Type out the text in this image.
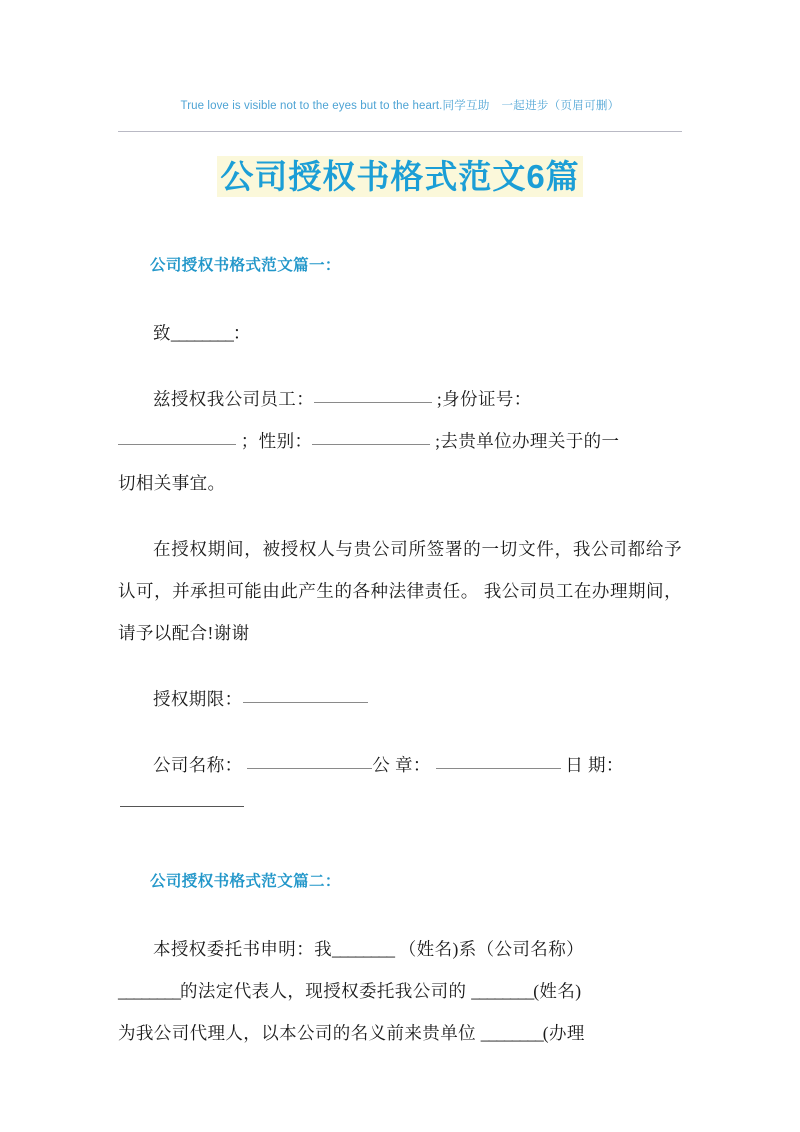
True love is visible not to the eyes but to the heart.同学互助　一起进步（页眉可删）
公司授权书格式范文6篇
公司授权书格式范文篇一：

致________：

兹授权我公司员工：	;身份证号：
；性别：	;去贵单位办理关于的一
切相关事宜。

在授权期间，被授权人与贵公司所签署的一切文件，我公司都给予认可，并承担可能由此产生的各种法律责任。 我公司员工在办理期间，请予以配合!谢谢

授权期限：

公司名称：	公 章：	日 期：

公司授权书格式范文篇二：

本授权委托书申明：我________ （姓名)系（公司名称）
________的法定代表人，现授权委托我公司的 ________(姓名)
为我公司代理人，以本公司的名义前来贵单位 ________(办理
